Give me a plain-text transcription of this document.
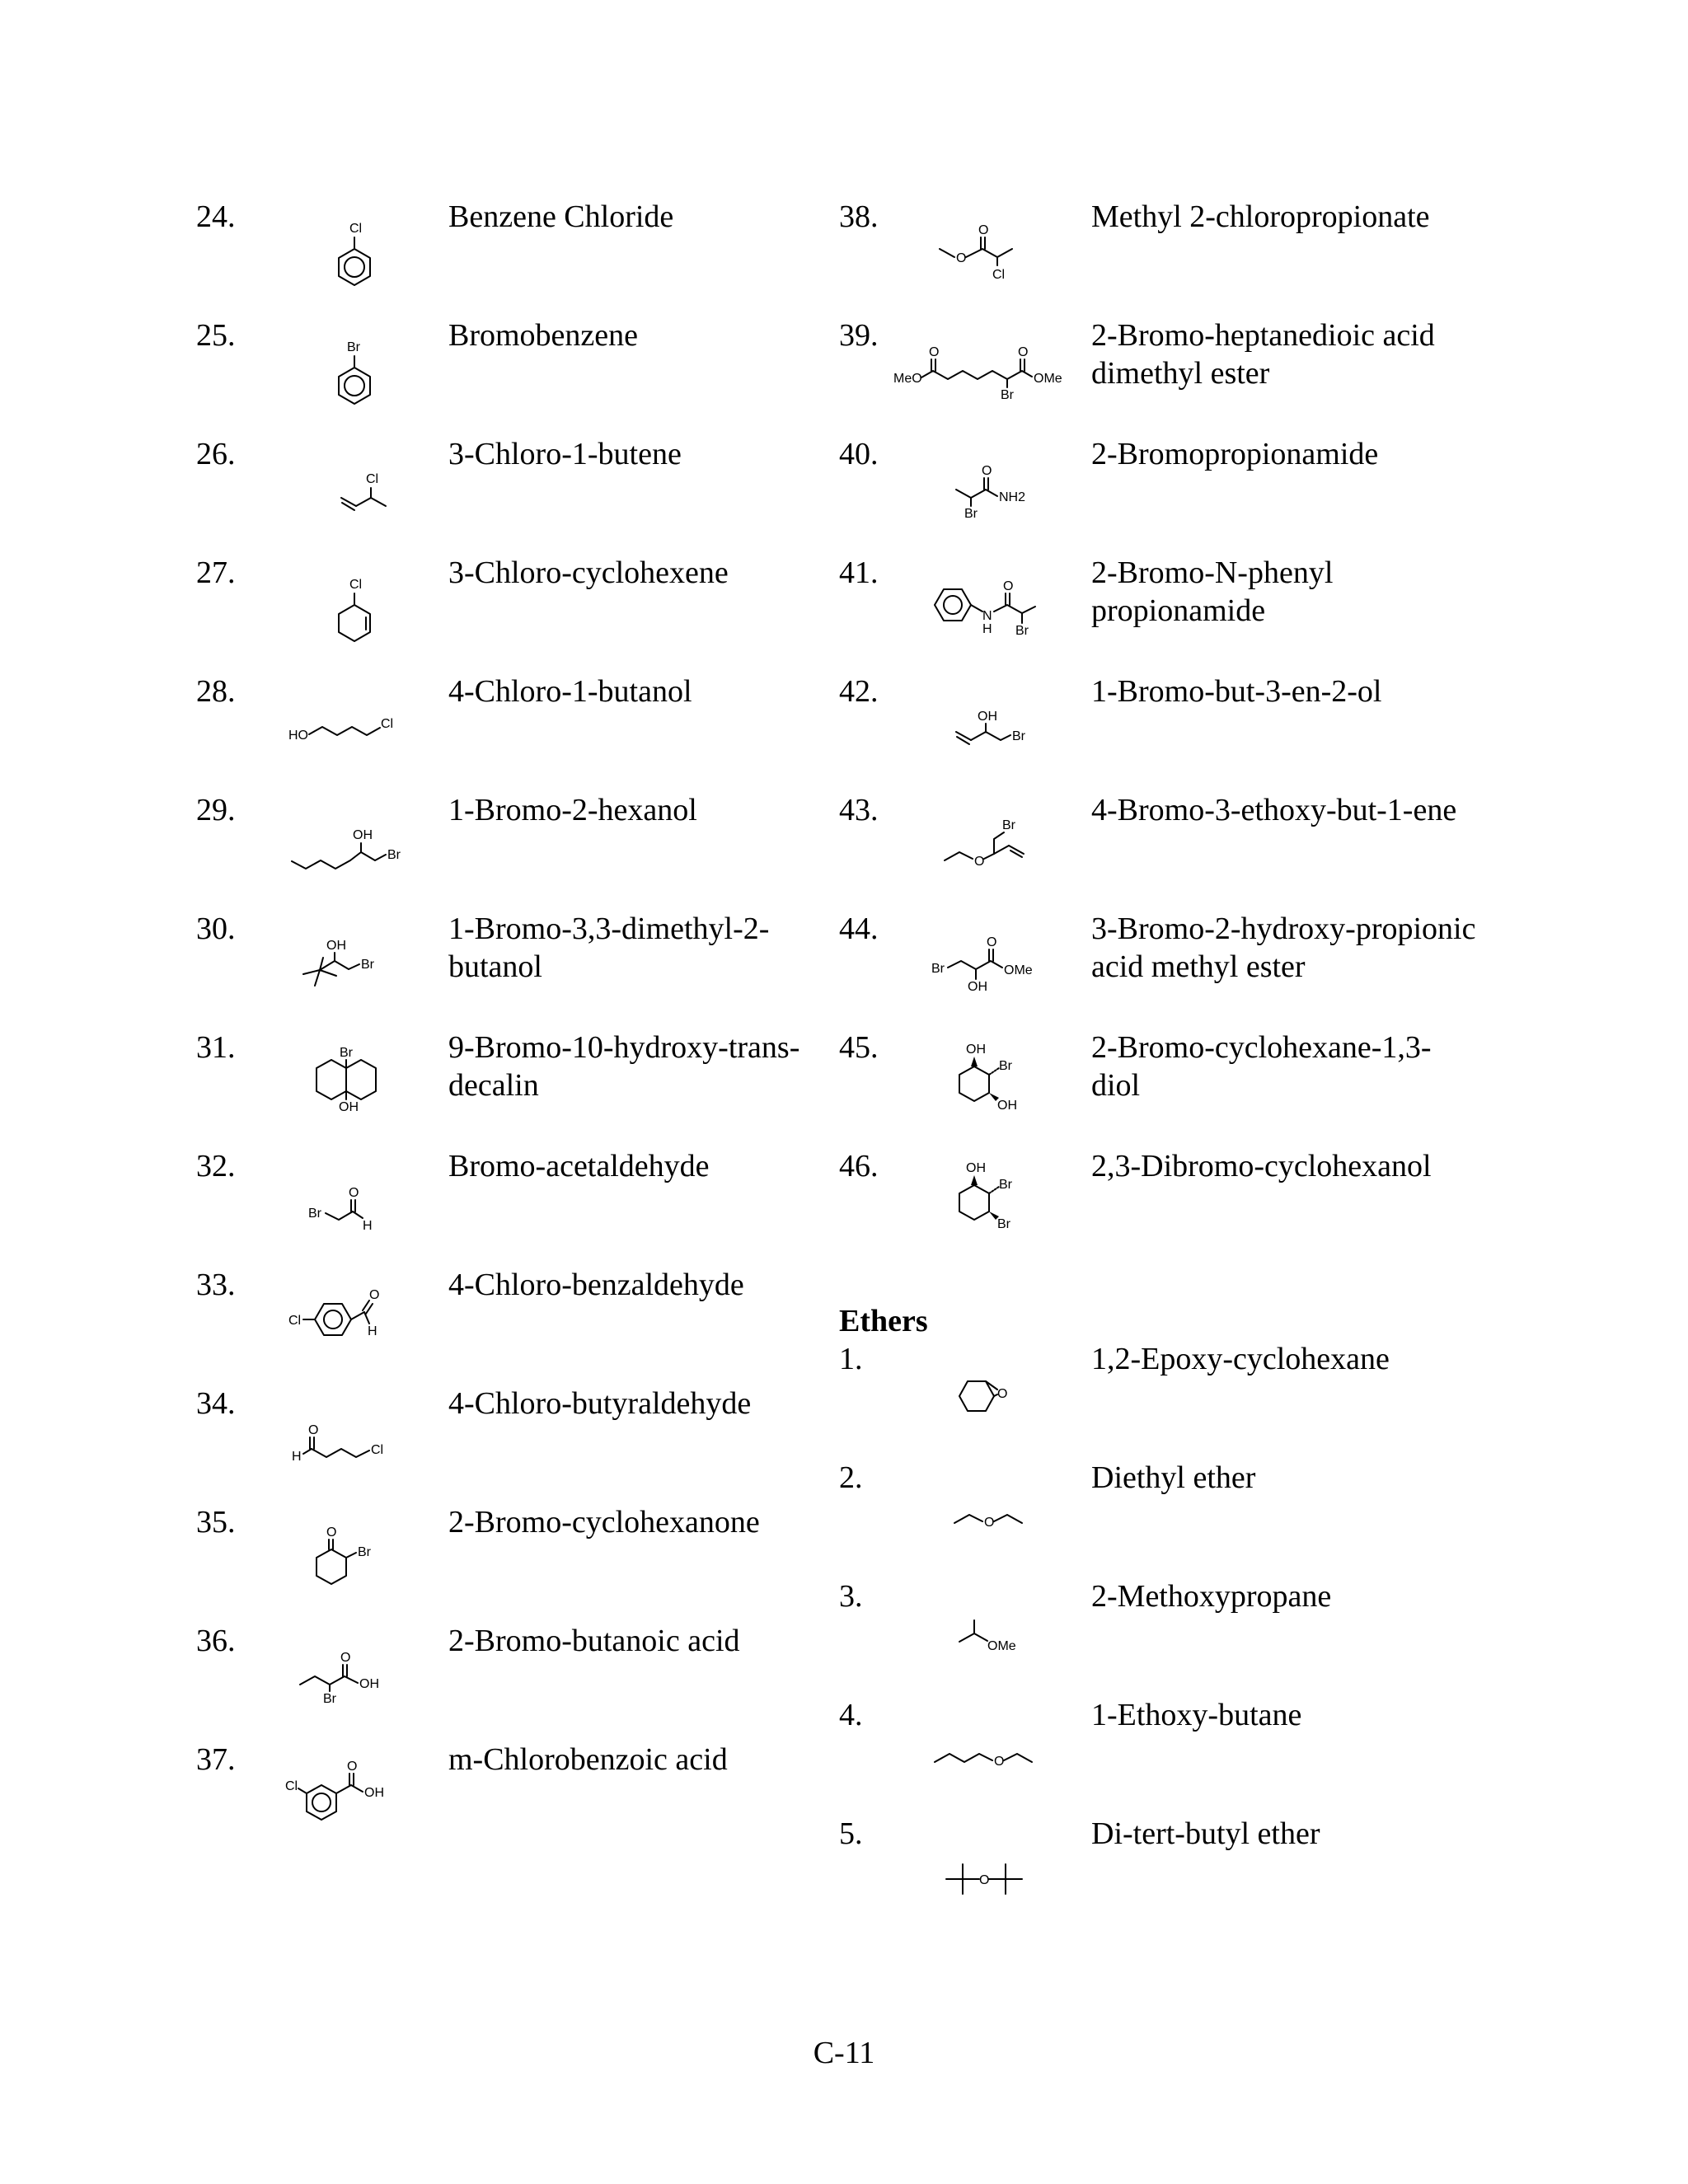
24.	Benzene Chloride
Cl
25.	Bromobenzene
Br
26.	3-Chloro-1-butene
Cl
27.	3-Chloro-cyclohexene
Cl
28.	4-Chloro-1-butanol
HO
Cl
29.	1-Bromo-2-hexanol
OH
Br
30.	1-Bromo-3,3-dimethyl-2-butanol
OH
Br
31.	9-Bromo-10-hydroxy-trans-decalin
Br
OH
32.	Bromo-acetaldehyde
Br
O
H
33.	4-Chloro-benzaldehyde
Cl
O
H
34.	4-Chloro-butyraldehyde
O
H	Cl
35.	2-Bromo-cyclohexanone
O
Br
36.	2-Bromo-butanoic acid
OH
O
Br
37.	m-Chlorobenzoic acid
Cl
O
OH
38.	Methyl 2-chloropropionate
O
O
Cl
39.	2-Bromo-heptanedioic acid dimethyl ester
MeO
O	O
OMe
Br
40.	2-Bromopropionamide
O
NH2
Br
41.	2-Bromo-N-phenyl propionamide
N
H
O
Br
42.	1-Bromo-but-3-en-2-ol
OH
Br
43.	4-Bromo-3-ethoxy-but-1-ene
Br
O
44.	3-Bromo-2-hydroxy-propionic acid methyl ester
Br
O
OMe
OH
45.	2-Bromo-cyclohexane-1,3-diol
OH
Br
OH
46.	2,3-Dibromo-cyclohexanol
OH
Br
Br
Ethers
1.	1,2-Epoxy-cyclohexane
O
2.	Diethyl ether
O
3.	2-Methoxypropane
OMe
4.	1-Ethoxy-butane
O
5.	Di-tert-butyl ether
O
C-11
